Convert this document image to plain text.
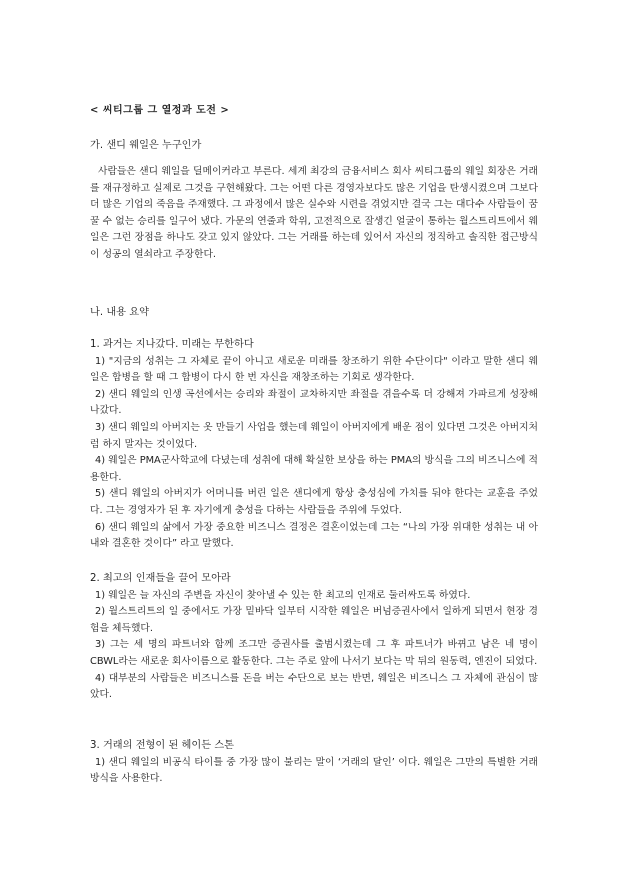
< 씨티그룹 그 열정과 도전 >
가. 샌디 웨일은 누구인가
사람들은 샌디 웨일을 딜메이커라고 부른다. 세계 최강의 금융서비스 회사 씨티그룹의 웨일 회장은 거래를 재규정하고 실제로 그것을 구현해왔다. 그는 어떤 다른 경영자보다도 많은 기업을 탄생시켰으며 그보다 더 많은 기업의 죽음을 주재했다. 그 과정에서 많은 실수와 시련을 겪었지만 결국 그는 대다수 사람들이 꿈꿀 수 없는 승리를 일구어 냈다. 가문의 연줄과 학위, 고전적으로 잘생긴 얼굴이 통하는 월스트리트에서 웨일은 그런 장점을 하나도 갖고 있지 않았다. 그는 거래를 하는데 있어서 자신의 정직하고 솔직한 접근방식이 성공의 열쇠라고 주장한다.
나. 내용 요약
1. 과거는 지나갔다. 미래는 무한하다
1) "지금의 성취는 그 자체로 끝이 아니고 새로운 미래를 창조하기 위한 수단이다" 이라고 말한 샌디 웨일은 합병을 할 때 그 합병이 다시 한 번 자신을 재창조하는 기회로 생각한다.
2) 샌디 웨일의 인생 곡선에서는 승리와 좌절이 교차하지만 좌절을 겪을수록 더 강해져 가파르게 성장해 나갔다.
3) 샌디 웨일의 아버지는 옷 만들기 사업을 했는데 웨일이 아버지에게 배운 점이 있다면 그것은 아버지처럼 하지 말자는 것이었다.
4) 웨일은 PMA군사학교에 다녔는데 성취에 대해 확실한 보상을 하는 PMA의 방식을 그의 비즈니스에 적용한다.
5) 샌디 웨일의 아버지가 어머니를 버린 일은 샌디에게 항상 충성심에 가치를 둬야 한다는 교훈을 주었다. 그는 경영자가 된 후 자기에게 충성을 다하는 사람들을 주위에 두었다.
6) 샌디 웨일의 삶에서 가장 중요한 비즈니스 결정은 결혼이었는데 그는 “나의 가장 위대한 성취는 내 아내와 결혼한 것이다” 라고 말했다.
2. 최고의 인재들을 끌어 모아라
1) 웨일은 늘 자신의 주변을 자신이 찾아낼 수 있는 한 최고의 인재로 둘러싸도록 하였다.
2) 월스트리트의 일 중에서도 가장 밑바닥 일부터 시작한 웨일은 버넘증권사에서 일하게 되면서 현장 경험을 체득했다.
3) 그는 세 명의 파트너와 함께 조그만 증권사를 출범시켰는데 그 후 파트너가 바뀌고 남은 네 명이 CBWL라는 새로운 회사이름으로 활동한다. 그는 주로 앞에 나서기 보다는 막 뒤의 원동력, 엔진이 되었다.
4) 대부분의 사람들은 비즈니스를 돈을 버는 수단으로 보는 반면, 웨일은 비즈니스 그 자체에 관심이 많았다.
3. 거래의 전형이 된 헤이든 스톤
1) 샌디 웨일의 비공식 타이틀 중 가장 많이 불리는 말이 ‘거래의 달인’ 이다. 웨일은 그만의 특별한 거래 방식을 사용한다.
